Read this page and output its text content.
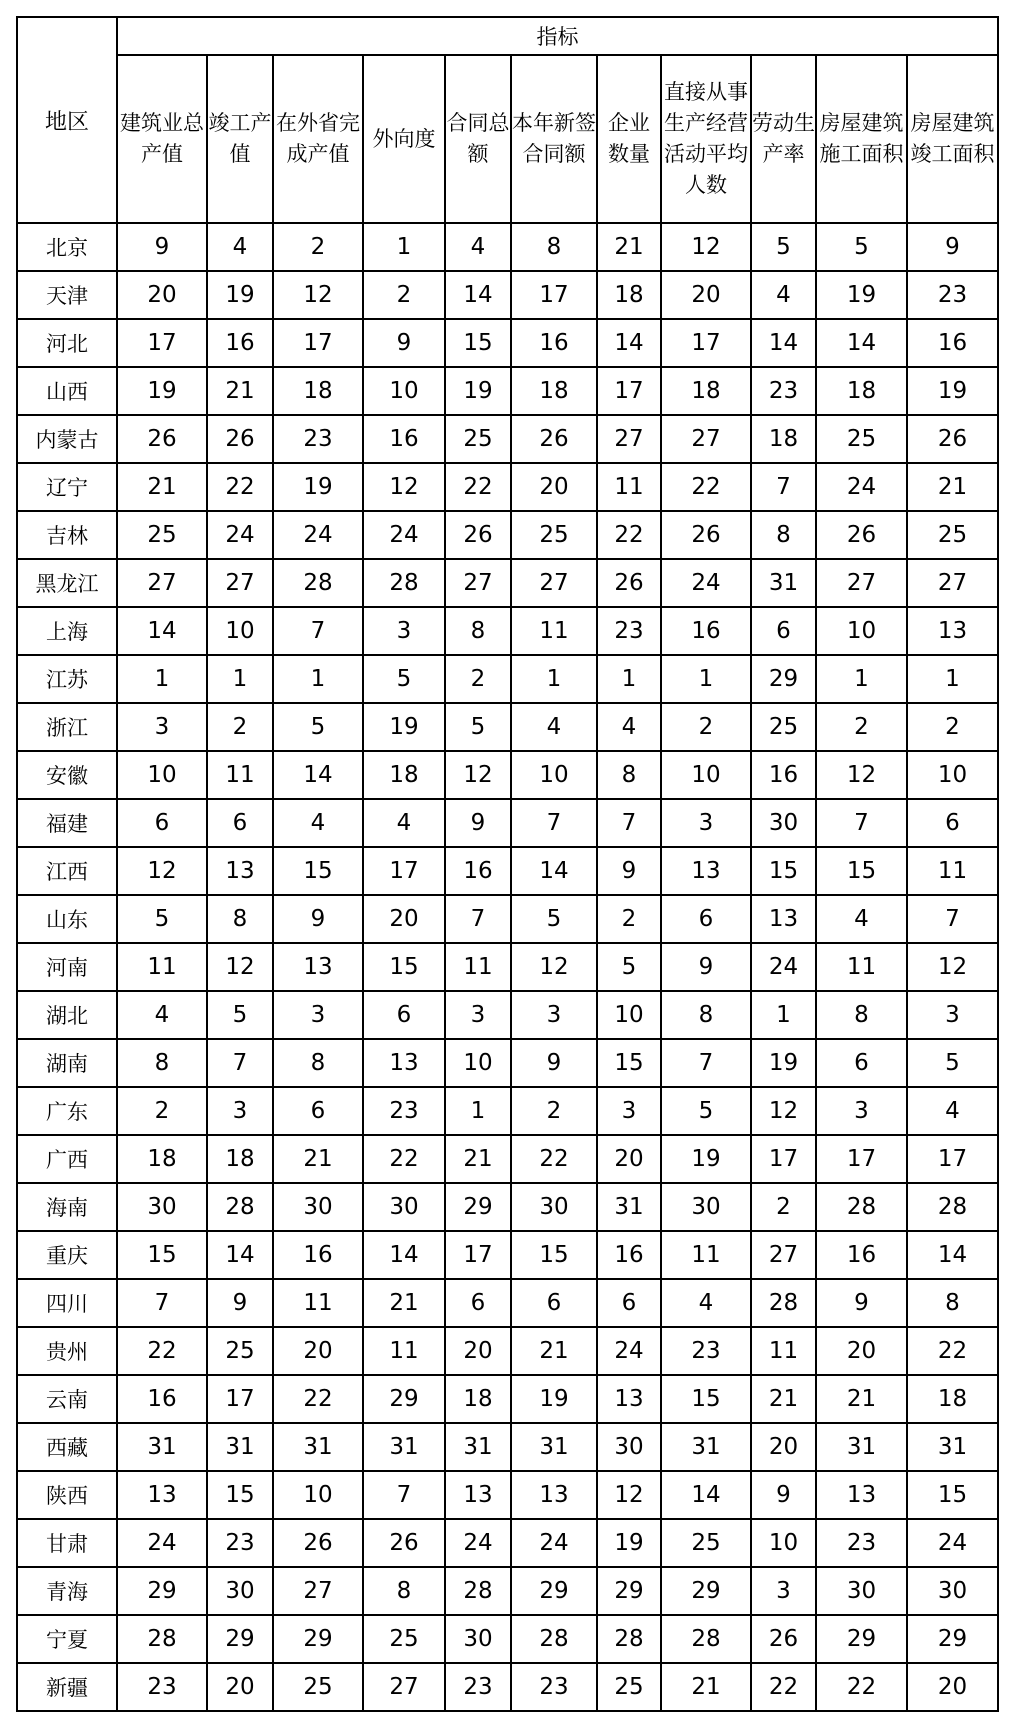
地区	指标										
	建筑业总产值	竣工产值	在外省完成产值	外向度	合同总额	本年新签合同额	企业数量	直接从事生产经营活动平均人数	劳动生产率	房屋建筑施工面积	房屋建筑竣工面积
北京	9	4	2	1	4	8	21	12	5	5	9
天津	20	19	12	2	14	17	18	20	4	19	23
河北	17	16	17	9	15	16	14	17	14	14	16
山西	19	21	18	10	19	18	17	18	23	18	19
内蒙古	26	26	23	16	25	26	27	27	18	25	26
辽宁	21	22	19	12	22	20	11	22	7	24	21
吉林	25	24	24	24	26	25	22	26	8	26	25
黑龙江	27	27	28	28	27	27	26	24	31	27	27
上海	14	10	7	3	8	11	23	16	6	10	13
江苏	1	1	1	5	2	1	1	1	29	1	1
浙江	3	2	5	19	5	4	4	2	25	2	2
安徽	10	11	14	18	12	10	8	10	16	12	10
福建	6	6	4	4	9	7	7	3	30	7	6
江西	12	13	15	17	16	14	9	13	15	15	11
山东	5	8	9	20	7	5	2	6	13	4	7
河南	11	12	13	15	11	12	5	9	24	11	12
湖北	4	5	3	6	3	3	10	8	1	8	3
湖南	8	7	8	13	10	9	15	7	19	6	5
广东	2	3	6	23	1	2	3	5	12	3	4
广西	18	18	21	22	21	22	20	19	17	17	17
海南	30	28	30	30	29	30	31	30	2	28	28
重庆	15	14	16	14	17	15	16	11	27	16	14
四川	7	9	11	21	6	6	6	4	28	9	8
贵州	22	25	20	11	20	21	24	23	11	20	22
云南	16	17	22	29	18	19	13	15	21	21	18
西藏	31	31	31	31	31	31	30	31	20	31	31
陕西	13	15	10	7	13	13	12	14	9	13	15
甘肃	24	23	26	26	24	24	19	25	10	23	24
青海	29	30	27	8	28	29	29	29	3	30	30
宁夏	28	29	29	25	30	28	28	28	26	29	29
新疆	23	20	25	27	23	23	25	21	22	22	20
